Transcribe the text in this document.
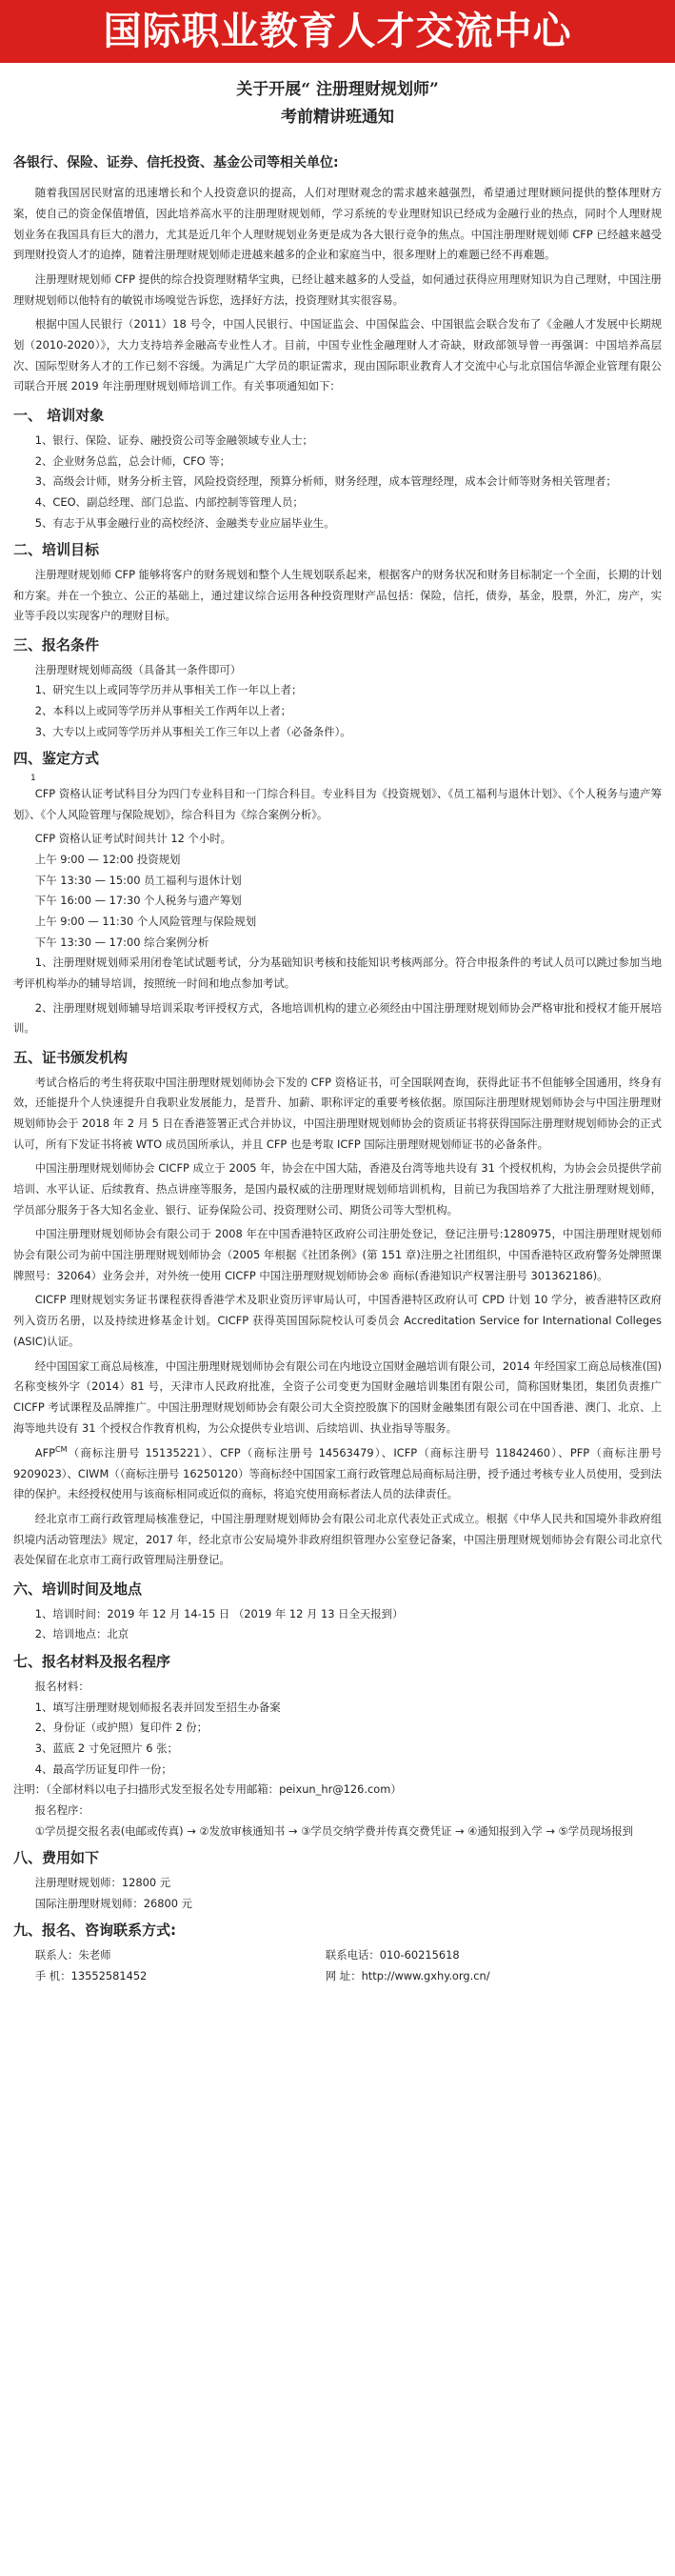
国际职业教育人才交流中心
关于开展“ 注册理财规划师”
考前精讲班通知
各银行、保险、证券、信托投资、基金公司等相关单位:

随着我国居民财富的迅速增长和个人投资意识的提高，人们对理财观念的需求越来越强烈，希望通过理财顾问提供的整体理财方案，使自己的资金保值增值，因此培养高水平的注册理财规划师，学习系统的专业理财知识已经成为金融行业的热点，同时个人理财规划业务在我国具有巨大的潜力，尤其是近几年个人理财规划业务更是成为各大银行竞争的焦点。中国注册理财规划师 CFP 已经越来越受到理财投资人才的追捧，随着注册理财规划师走进越来越多的企业和家庭当中，很多理财上的难题已经不再难题。

注册理财规划师 CFP 提供的综合投资理财精华宝典，已经让越来越多的人受益，如何通过获得应用理财知识为自己理财，中国注册理财规划师以他特有的敏锐市场嗅觉告诉您，选择好方法，投资理财其实很容易。

根据中国人民银行（2011）18 号令，中国人民银行、中国证监会、中国保监会、中国银监会联合发布了《金融人才发展中长期规划（2010-2020）》，大力支持培养金融高专业性人才。目前，中国专业性金融理财人才奇缺，财政部领导曾一再强调：中国培养高层次、国际型财务人才的工作已刻不容缓。为满足广大学员的职证需求，现由国际职业教育人才交流中心与北京国信华源企业管理有限公司联合开展 2019 年注册理财规划师培训工作。有关事项通知如下：

一、 培训对象
1、银行、保险、证券、融投资公司等金融领域专业人士；
2、企业财务总监，总会计师，CFO 等；
3、高级会计师，财务分析主管，风险投资经理，预算分析师，财务经理，成本管理经理，成本会计师等财务相关管理者；
4、CEO、副总经理、部门总监、内部控制等管理人员；
5、有志于从事金融行业的高校经济、金融类专业应届毕业生。
二、培训目标

注册理财规划师 CFP 能够将客户的财务规划和整个人生规划联系起来，根据客户的财务状况和财务目标制定一个全面，长期的计划和方案。并在一个独立、公正的基础上，通过建议综合运用各种投资理财产品包括：保险，信托，债券，基金，股票，外汇，房产，实业等手段以实现客户的理财目标。

三、报名条件
注册理财规划师高级（具备其一条件即可）
1、研究生以上或同等学历并从事相关工作一年以上者；
2、本科以上或同等学历并从事相关工作两年以上者；
3、大专以上或同等学历并从事相关工作三年以上者（必备条件）。
四、鉴定方式
1

CFP 资格认证考试科目分为四门专业科目和一门综合科目。专业科目为《投资规划》、《员工福利与退休计划》、《个人税务与遗产筹划》、《个人风险管理与保险规划》，综合科目为《综合案例分析》。

CFP 资格认证考试时间共计 12 个小时。
上午 9:00 — 12:00 投资规划
下午 13:30 — 15:00 员工福利与退休计划
下午 16:00 — 17:30 个人税务与遗产筹划
上午 9:00 — 11:30 个人风险管理与保险规划
下午 13:30 — 17:00 综合案例分析

1、注册理财规划师采用闭卷笔试试题考试，分为基础知识考核和技能知识考核两部分。符合申报条件的考试人员可以跳过参加当地考评机构举办的辅导培训，按照统一时间和地点参加考试。

2、注册理财规划师辅导培训采取考评授权方式，各地培训机构的建立必须经由中国注册理财规划师协会严格审批和授权才能开展培训。

五、证书颁发机构

考试合格后的考生将获取中国注册理财规划师协会下发的 CFP 资格证书，可全国联网查询，获得此证书不但能够全国通用，终身有效，还能提升个人快速提升自我职业发展能力，是晋升、加薪、职称评定的重要考核依据。原国际注册理财规划师协会与中国注册理财规划师协会于 2018 年 2 月 5 日在香港签署正式合并协议，中国注册理财规划师协会的资质证书将获得国际注册理财规划师协会的正式认可，所有下发证书将被 WTO 成员国所承认，并且 CFP 也是考取 ICFP 国际注册理财规划师证书的必备条件。

中国注册理财规划师协会 CICFP 成立于 2005 年，协会在中国大陆，香港及台湾等地共设有 31 个授权机构，为协会会员提供学前培训、水平认证、后续教育、热点讲座等服务，是国内最权威的注册理财规划师培训机构，目前已为我国培养了大批注册理财规划师，学员部分服务于各大知名金业、银行、证券保险公司、投资理财公司、期货公司等大型机构。

中国注册理财规划师协会有限公司于 2008 年在中国香港特区政府公司注册处登记，登记注册号:1280975，中国注册理财规划师协会有限公司为前中国注册理财规划师协会（2005 年根据《社团条例》(第 151 章)注册之社团组织，中国香港特区政府警务处牌照课牌照号：32064）业务会并，对外统一使用 CICFP 中国注册理财规划师协会® 商标(香港知识产权署注册号 301362186)。

CICFP 理财规划实务证书课程获得香港学术及职业资历评审局认可，中国香港特区政府认可 CPD 计划 10 学分，被香港特区政府列入资历名册，以及持续进修基金计划。CICFP 获得英国国际院校认可委员会 Accreditation Service for International Colleges (ASIC)认证。

经中国国家工商总局核准，中国注册理财规划师协会有限公司在内地设立国财金融培训有限公司，2014 年经国家工商总局核准(国)名称变核外字（2014）81 号，天津市人民政府批准，全资子公司变更为国财金融培训集团有限公司，简称国财集团，集团负责推广 CICFP 考试课程及品牌推广。中国注册理财规划师协会有限公司大全资控股旗下的国财金融集团有限公司在中国香港、澳门、北京、上海等地共设有 31 个授权合作教育机构，为公众提供专业培训、后续培训、执业指导等服务。

AFP$^{CM}$（商标注册号 15135221）、CFP（商标注册号 14563479）、ICFP（商标注册号 11842460）、PFP（商标注册号 9209023）、CIWM（（商标注册号 16250120）等商标经中国国家工商行政管理总局商标局注册，授予通过考核专业人员使用，受到法律的保护。未经授权使用与该商标相同或近似的商标，将追究使用商标者法人员的法律责任。

经北京市工商行政管理局核准登记，中国注册理财规划师协会有限公司北京代表处正式成立。根据《中华人民共和国境外非政府组织境内活动管理法》规定，2017 年，经北京市公安局境外非政府组织管理办公室登记备案，中国注册理财规划师协会有限公司北京代表处保留在北京市工商行政管理局注册登记。

六、培训时间及地点
1、培训时间：2019 年 12 月 14-15 日 （2019 年 12 月 13 日全天报到）
2、培训地点：北京
七、报名材料及报名程序
报名材料：
1、填写注册理财规划师报名表并回发至招生办备案
2、身份证（或护照）复印件 2 份；
3、蓝底 2 寸免冠照片 6 张；
4、最高学历证复印件一份；
注明：（全部材料以电子扫描形式发至报名处专用邮箱：peixun_hr@126.com）
报名程序：
①学员提交报名表(电邮或传真) → ②发放审核通知书 → ③学员交纳学费并传真交费凭证 → ④通知报到入学 → ⑤学员现场报到
八、费用如下
注册理财规划师：12800 元
国际注册理财规划师：26800 元
九、报名、咨询联系方式:
联系人：朱老师	联系电话：010-60215618
手 机：13552581452	网 址：http://www.gxhy.org.cn/
